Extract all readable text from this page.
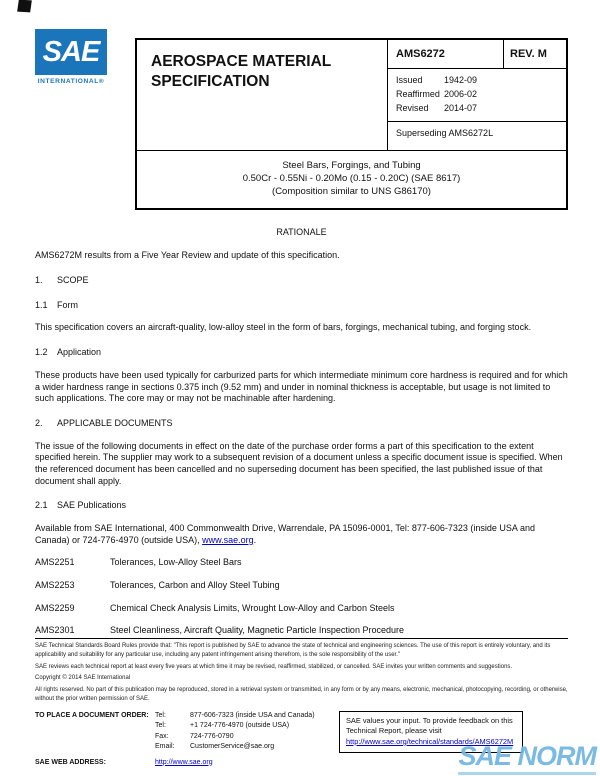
SAE
INTERNATIONAL®
AEROSPACE MATERIAL SPECIFICATION
AMS6272	REV. M
Issued 1942-09
Reaffirmed 2006-02
Revised 2014-07
Superseding AMS6272L
Steel Bars, Forgings, and Tubing
0.50Cr - 0.55Ni - 0.20Mo (0.15 - 0.20C) (SAE 8617)
(Composition similar to UNS G86170)
RATIONALE

AMS6272M results from a Five Year Review and update of this specification.

1.	SCOPE
1.1	Form

This specification covers an aircraft-quality, low-alloy steel in the form of bars, forgings, mechanical tubing, and forging stock.

1.2	Application

These products have been used typically for carburized parts for which intermediate minimum core hardness is required and for which a wider hardness range in sections 0.375 inch (9.52 mm) and under in nominal thickness is acceptable, but usage is not limited to such applications. The core may or may not be machinable after hardening.

2.	APPLICABLE DOCUMENTS

The issue of the following documents in effect on the date of the purchase order forms a part of this specification to the extent specified herein. The supplier may work to a subsequent revision of a document unless a specific document issue is specified. When the referenced document has been cancelled and no superseding document has been specified, the last published issue of that document shall apply.

2.1	SAE Publications

Available from SAE International, 400 Commonwealth Drive, Warrendale, PA 15096-0001, Tel: 877-606-7323 (inside USA and Canada) or 724-776-4970 (outside USA), www.sae.org.

AMS2251	Tolerances, Low-Alloy Steel Bars
AMS2253	Tolerances, Carbon and Alloy Steel Tubing
AMS2259	Chemical Check Analysis Limits, Wrought Low-Alloy and Carbon Steels
AMS2301	Steel Cleanliness, Aircraft Quality, Magnetic Particle Inspection Procedure

SAE Technical Standards Board Rules provide that: "This report is published by SAE to advance the state of technical and engineering sciences. The use of this report is entirely voluntary, and its applicability and suitability for any particular use, including any patent infringement arising therefrom, is the sole responsibility of the user."

SAE reviews each technical report at least every five years at which time it may be revised, reaffirmed, stabilized, or cancelled. SAE invites your written comments and suggestions.

Copyright © 2014 SAE International

All rights reserved. No part of this publication may be reproduced, stored in a retrieval system or transmitted, in any form or by any means, electronic, mechanical, photocopying, recording, or otherwise, without the prior written permission of SAE.

TO PLACE A DOCUMENT ORDER: Tel:	877-606-7323 (inside USA and Canada)
Tel:	+1 724-776-4970 (outside USA)
Fax:	724-776-0790
Email:	CustomerService@sae.org
SAE WEB ADDRESS:	http://www.sae.org
SAE values your input. To provide feedback on this Technical Report, please visit
http://www.sae.org/technical/standards/AMS6272M
SAE NORM
